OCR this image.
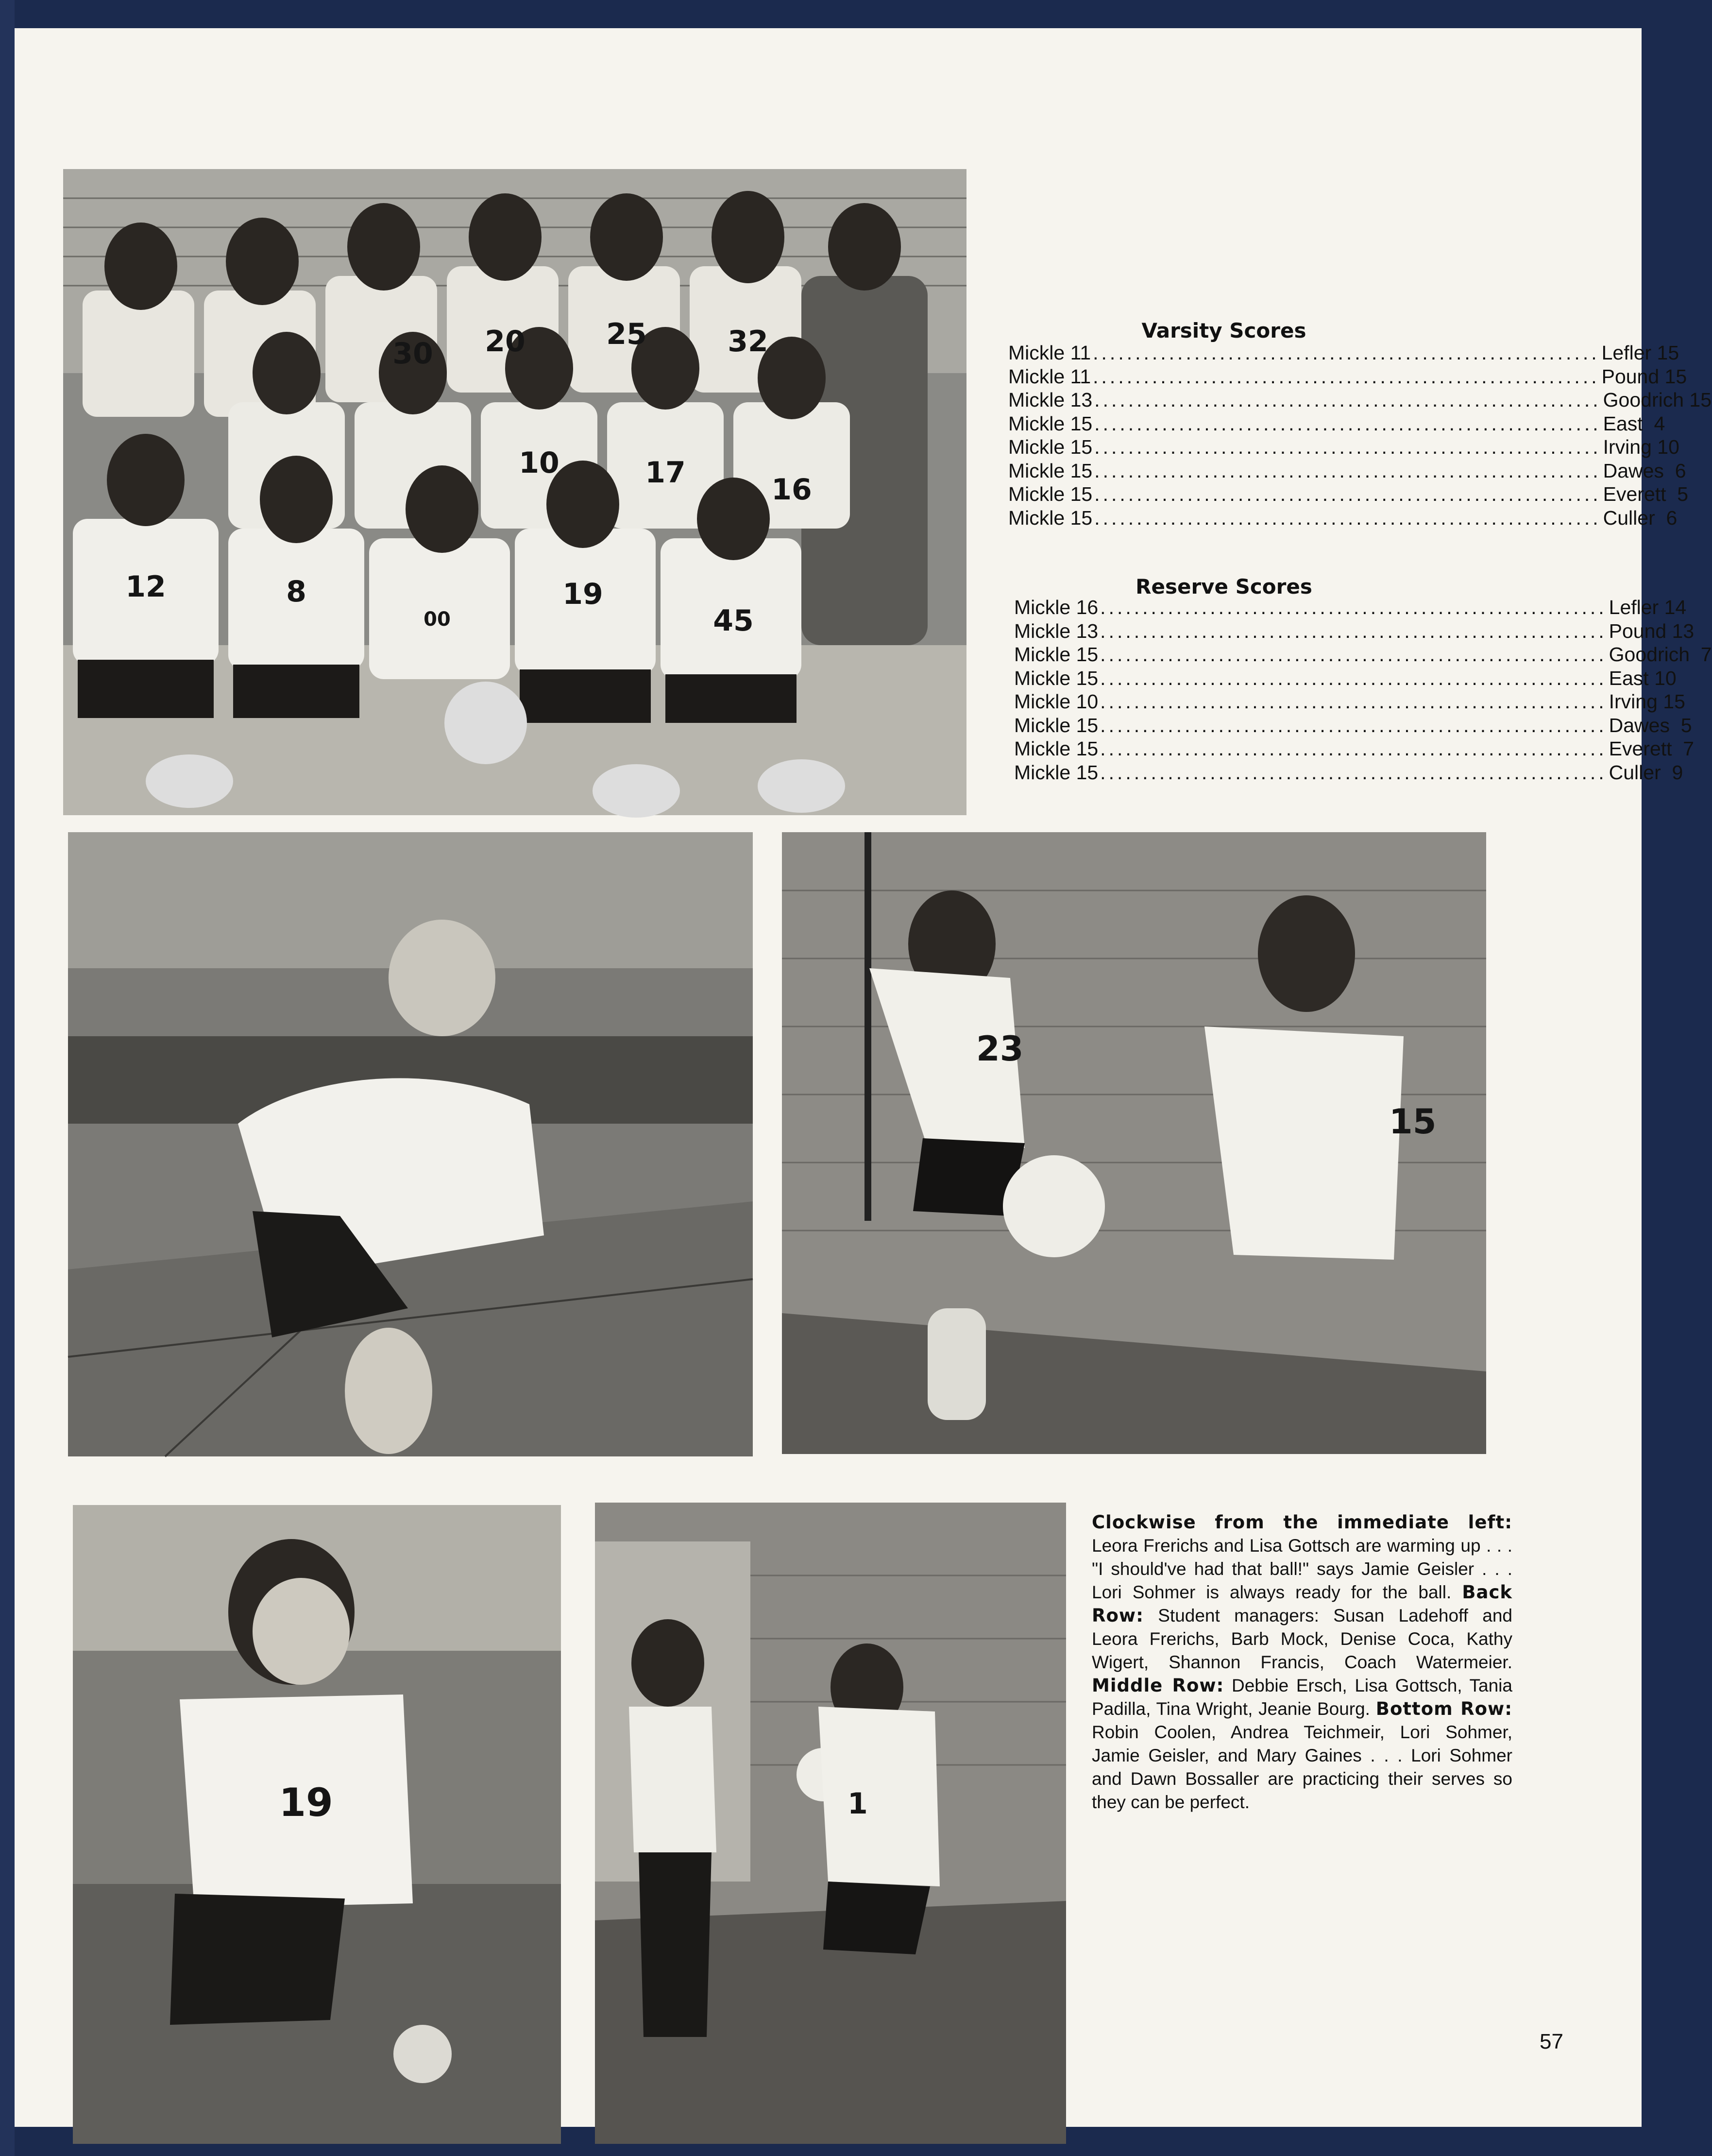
30 20	25	32
10	17	16
12	8
00
19
45
Varsity Scores
Mickle 11 ............................................................ Lefler 15
Mickle 11 ............................................................ Pound 15
Mickle 13 ............................................................ Goodrich 15
Mickle 15 ............................................................ East  4
Mickle 15 ............................................................ Irving 10
Mickle 15 ............................................................ Dawes  6
Mickle 15 ............................................................ Everett  5
Mickle 15 ............................................................ Culler  6
Reserve Scores
Mickle 16 ............................................................ Lefler 14
Mickle 13 ............................................................ Pound 13
Mickle 15 ............................................................ Goodrich  7
Mickle 15 ............................................................ East 10
Mickle 10 ............................................................ Irving 15
Mickle 15 ............................................................ Dawes  5
Mickle 15 ............................................................ Everett  7
Mickle 15 ............................................................ Culler  9
23
15
19	1
Clockwise from the immediate left: Leora Frerichs and Lisa Gottsch are warming up . . . "I should've had that ball!" says Jamie Geisler . . . Lori Sohmer is always ready for the ball. Back Row: Student managers: Susan Ladehoff and Leora Frerichs, Barb Mock, Denise Coca, Kathy Wigert, Shannon Francis, Coach Watermeier. Middle Row: Debbie Ersch, Lisa Gottsch, Tania Padilla, Tina Wright, Jeanie Bourg. Bottom Row: Robin Coolen, Andrea Teichmeir, Lori Sohmer, Jamie Geisler, and Mary Gaines . . . Lori Sohmer and Dawn Bossaller are practicing their serves so they can be perfect.
57
